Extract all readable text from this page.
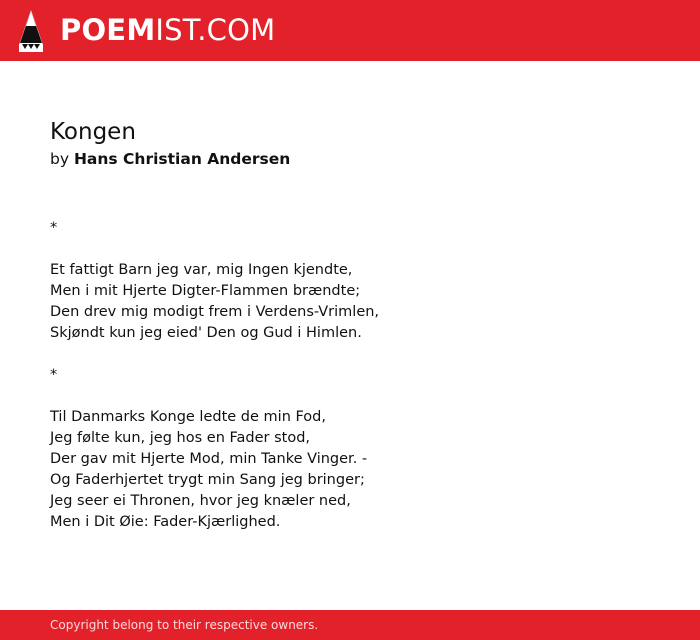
POEMIST.COM
Kongen
by Hans Christian Andersen

*

Et fattigt Barn jeg var, mig Ingen kjendte,
Men i mit Hjerte Digter-Flammen brændte;
Den drev mig modigt frem i Verdens-Vrimlen,
Skjøndt kun jeg eied' Den og Gud i Himlen.

*

Til Danmarks Konge ledte de min Fod,
Jeg følte kun, jeg hos en Fader stod,
Der gav mit Hjerte Mod, min Tanke Vinger. -
Og Faderhjertet trygt min Sang jeg bringer;
Jeg seer ei Thronen, hvor jeg knæler ned,
Men i Dit Øie: Fader-Kjærlighed.

Copyright belong to their respective owners.
